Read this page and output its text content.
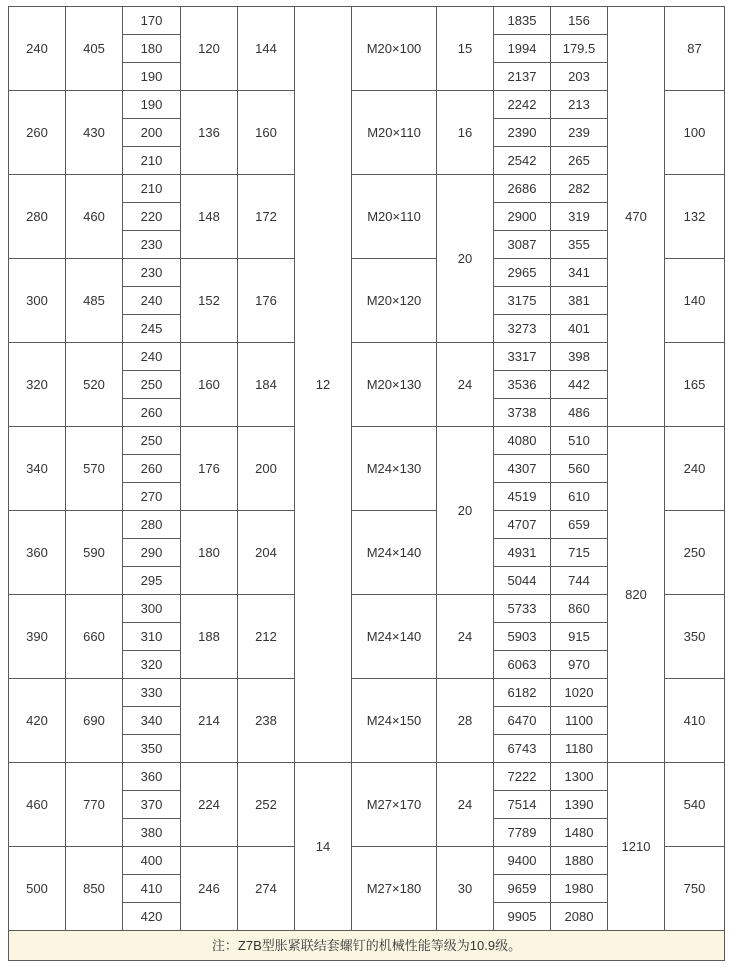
240	405	170	120	144	12	M20×100	15	1835	156	470	87
		180						1994	179.5		
		190						2137	203		
260	430	190	136	160		M20×110	16	2242	213		100
		200						2390	239		
		210						2542	265		
280	460	210	148	172		M20×110	20	2686	282		132
		220						2900	319		
		230						3087	355		
300	485	230	152	176		M20×120		2965	341		140
		240						3175	381		
		245						3273	401		
320	520	240	160	184		M20×130	24	3317	398		165
		250						3536	442		
		260						3738	486		
340	570	250	176	200		M24×130	20	4080	510	820	240
		260						4307	560		
		270						4519	610		
360	590	280	180	204		M24×140		4707	659		250
		290						4931	715		
		295						5044	744		
390	660	300	188	212		M24×140	24	5733	860		350
		310						5903	915		
		320						6063	970		
420	690	330	214	238		M24×150	28	6182	1020		410
		340						6470	1100		
		350						6743	1180		
460	770	360	224	252	14	M27×170	24	7222	1300	1210	540
		370						7514	1390		
		380						7789	1480		
500	850	400	246	274		M27×180	30	9400	1880		750
		410						9659	1980		
		420						9905	2080		
注：Z7B型胀紧联结套螺钉的机械性能等级为10.9级。											
